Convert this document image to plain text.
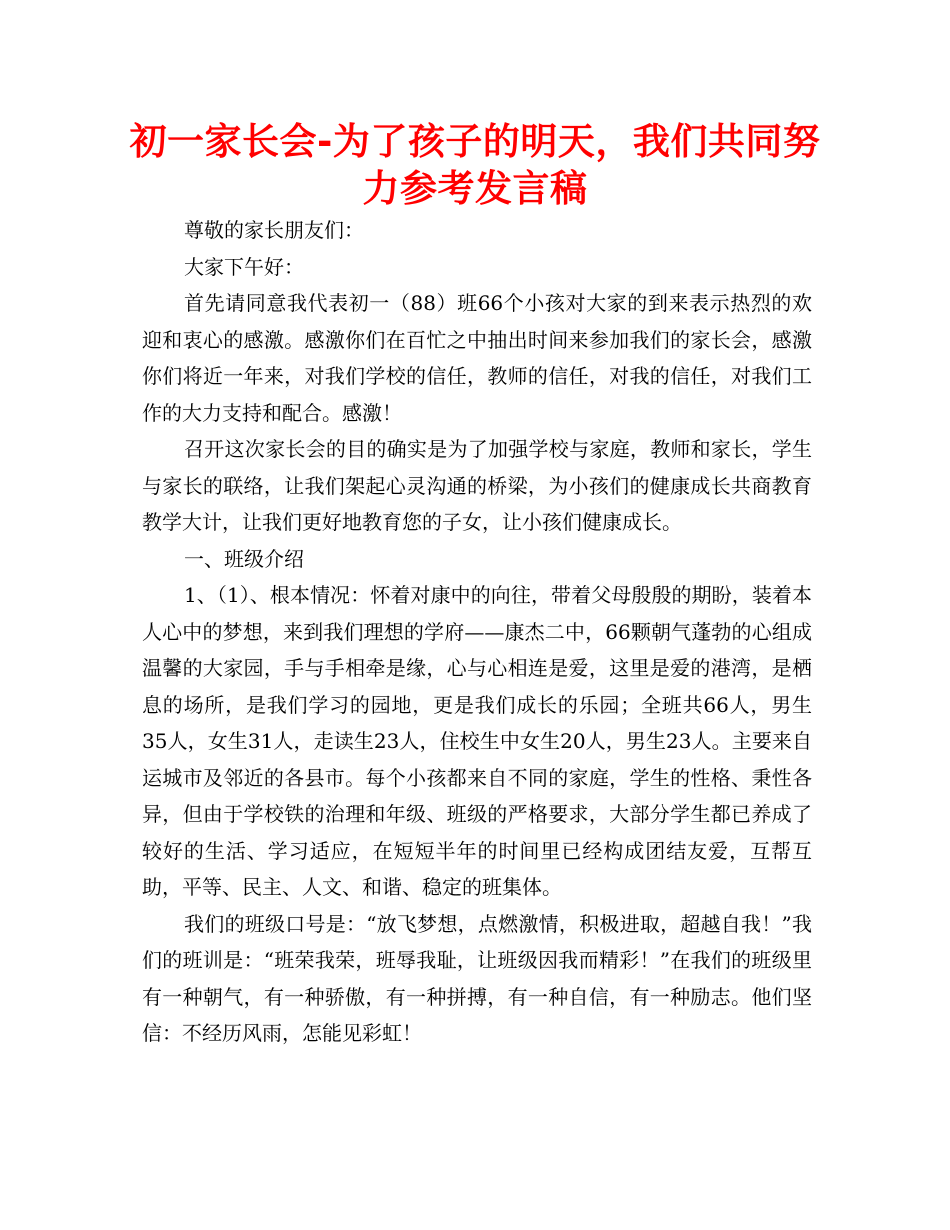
初一家长会-为了孩子的明天，我们共同努力参考发言稿

尊敬的家长朋友们：

大家下午好：

首先请同意我代表初一（88）班66个小孩对大家的到来表示热烈的欢迎和衷心的感激。感激你们在百忙之中抽出时间来参加我们的家长会，感激你们将近一年来，对我们学校的信任，教师的信任，对我的信任，对我们工作的大力支持和配合。感激！

召开这次家长会的目的确实是为了加强学校与家庭，教师和家长，学生与家长的联络，让我们架起心灵沟通的桥梁，为小孩们的健康成长共商教育教学大计，让我们更好地教育您的子女，让小孩们健康成长。

一、班级介绍

1、（1）、根本情况：怀着对康中的向往，带着父母殷殷的期盼，装着本人心中的梦想，来到我们理想的学府——康杰二中，66颗朝气蓬勃的心组成温馨的大家园，手与手相牵是缘，心与心相连是爱，这里是爱的港湾，是栖息的场所，是我们学习的园地，更是我们成长的乐园；全班共66人，男生35人，女生31人，走读生23人，住校生中女生20人，男生23人。主要来自运城市及邻近的各县市。每个小孩都来自不同的家庭，学生的性格、秉性各异，但由于学校铁的治理和年级、班级的严格要求，大部分学生都已养成了较好的生活、学习适应，在短短半年的时间里已经构成团结友爱，互帮互助，平等、民主、人文、和谐、稳定的班集体。

我们的班级口号是：“放飞梦想，点燃激情，积极进取，超越自我！”我们的班训是：“班荣我荣，班辱我耻，让班级因我而精彩！”在我们的班级里有一种朝气，有一种骄傲，有一种拼搏，有一种自信，有一种励志。他们坚信：不经历风雨，怎能见彩虹！
